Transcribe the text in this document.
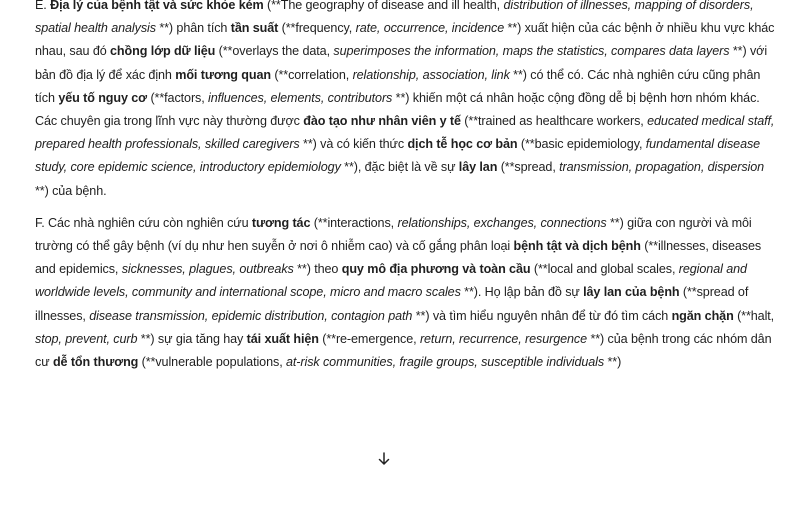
E. Địa lý của bệnh tật và sức khỏe kém (**The geography of disease and ill health, distribution of illnesses, mapping of disorders, spatial health analysis **) phân tích tần suất (**frequency, rate, occurrence, incidence **) xuất hiện của các bệnh ở nhiều khu vực khác nhau, sau đó chồng lớp dữ liệu (**overlays the data, superimposes the information, maps the statistics, compares data layers **) với bản đồ địa lý để xác định mối tương quan (**correlation, relationship, association, link **) có thể có. Các nhà nghiên cứu cũng phân tích yếu tố nguy cơ (**factors, influences, elements, contributors **) khiến một cá nhân hoặc cộng đồng dễ bị bệnh hơn nhóm khác. Các chuyên gia trong lĩnh vực này thường được đào tạo như nhân viên y tế (**trained as healthcare workers, educated medical staff, prepared health professionals, skilled caregivers **) và có kiến thức dịch tễ học cơ bản (**basic epidemiology, fundamental disease study, core epidemic science, introductory epidemiology **), đặc biệt là về sự lây lan (**spread, transmission, propagation, dispersion **) của bệnh.

F. Các nhà nghiên cứu còn nghiên cứu tương tác (**interactions, relationships, exchanges, connections **) giữa con người và môi trường có thể gây bệnh (ví dụ như hen suyễn ở nơi ô nhiễm cao) và cố gắng phân loại bệnh tật và dịch bệnh (**illnesses, diseases and epidemics, sicknesses, plagues, outbreaks **) theo quy mô địa phương và toàn cầu (**local and global scales, regional and worldwide levels, community and international scope, micro and macro scales **). Họ lập bản đồ sự lây lan của bệnh (**spread of illnesses, disease transmission, epidemic distribution, contagion path **) và tìm hiểu nguyên nhân để từ đó tìm cách ngăn chặn (**halt, stop, prevent, curb **) sự gia tăng hay tái xuất hiện (**re-emergence, return, recurrence, resurgence **) của bệnh trong các nhóm dân cư dễ tổn thương (**vulnerable populations, at-risk communities, fragile groups, susceptible individuals **)
